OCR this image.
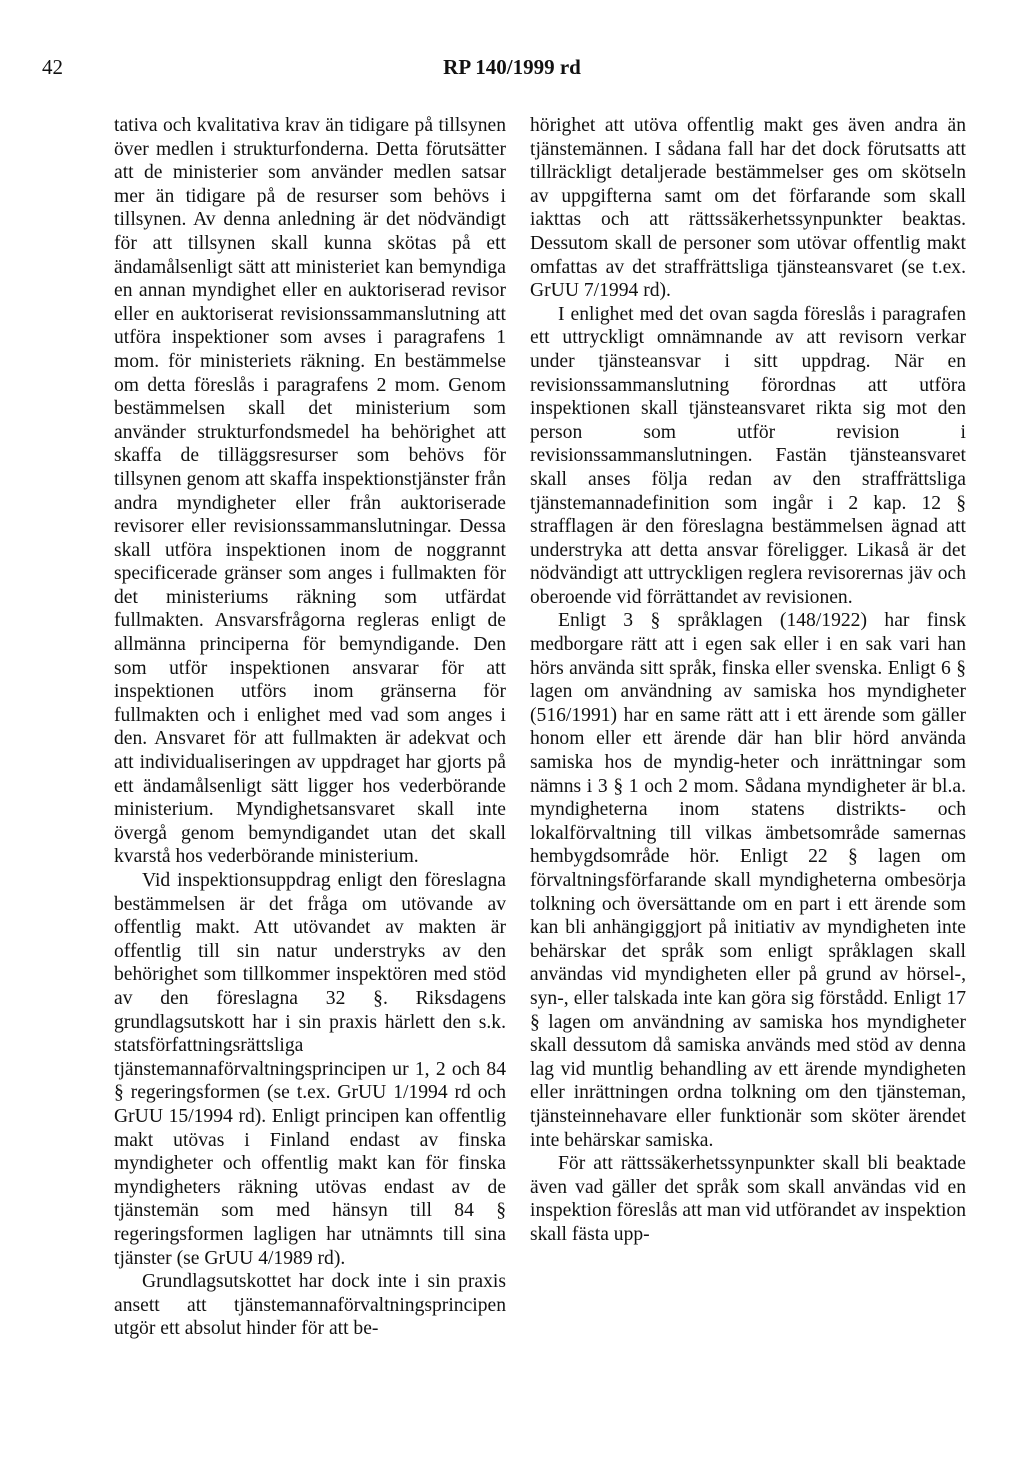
42	RP 140/1999 rd

tativa och kvalitativa krav än tidigare på tillsynen över medlen i strukturfonderna. Detta förutsätter att de ministerier som använder medlen satsar mer än tidigare på de resurser som behövs i tillsynen. Av denna anledning är det nödvändigt för att tillsynen skall kunna skötas på ett ändamålsenligt sätt att ministeriet kan bemyndiga en annan myndighet eller en auktoriserad revisor eller en auktoriserat revisionssammanslutning att utföra inspektioner som avses i paragrafens 1 mom. för ministeriets räkning. En bestämmelse om detta föreslås i paragrafens 2 mom. Genom bestämmelsen skall det ministerium som använder strukturfondsmedel ha behörighet att skaffa de tilläggsresurser som behövs för tillsynen genom att skaffa inspektionstjänster från andra myndigheter eller från auktoriserade revisorer eller revisionssammanslutningar. Dessa skall utföra inspektionen inom de noggrannt specificerade gränser som anges i fullmakten för det ministeriums räkning som utfärdat fullmakten. Ansvarsfrågorna regleras enligt de allmänna principerna för bemyndigande. Den som utför inspektionen ansvarar för att inspektionen utförs inom gränserna för fullmakten och i enlighet med vad som anges i den. Ansvaret för att fullmakten är adekvat och att individualiseringen av uppdraget har gjorts på ett ändamålsenligt sätt ligger hos vederbörande ministerium. Myndighetsansvaret skall inte övergå genom bemyndigandet utan det skall kvarstå hos vederbörande ministerium.

Vid inspektionsuppdrag enligt den föreslagna bestämmelsen är det fråga om utövande av offentlig makt. Att utövandet av makten är offentlig till sin natur understryks av den behörighet som tillkommer inspektören med stöd av den föreslagna 32 §. Riksdagens grundlagsutskott har i sin praxis härlett den s.k. statsförfattningsrättsliga tjänstemannaförvaltningsprincipen ur 1, 2 och 84 § regeringsformen (se t.ex. GrUU 1/1994 rd och GrUU 15/1994 rd). Enligt principen kan offentlig makt utövas i Finland endast av finska myndigheter och offentlig makt kan för finska myndigheters räkning utövas endast av de tjänstemän som med hänsyn till 84 § regeringsformen lagligen har utnämnts till sina tjänster (se GrUU 4/1989 rd).

Grundlagsutskottet har dock inte i sin praxis ansett att tjänstemannaförvaltningsprincipen utgör ett absolut hinder för att be-

hörighet att utöva offentlig makt ges även andra än tjänstemännen. I sådana fall har det dock förutsatts att tillräckligt detaljerade bestämmelser ges om skötseln av uppgifterna samt om det förfarande som skall iakttas och att rättssäkerhetssynpunkter beaktas. Dessutom skall de personer som utövar offentlig makt omfattas av det straffrättsliga tjänsteansvaret (se t.ex. GrUU 7/1994 rd).

I enlighet med det ovan sagda föreslås i paragrafen ett uttryckligt omnämnande av att revisorn verkar under tjänsteansvar i sitt uppdrag. När en revisionssammanslutning förordnas att utföra inspektionen skall tjänsteansvaret rikta sig mot den person som utför revision i revisionssammanslutningen. Fastän tjänsteansvaret skall anses följa redan av den straffrättsliga tjänstemannadefinition som ingår i 2 kap. 12 § strafflagen är den föreslagna bestämmelsen ägnad att understryka att detta ansvar föreligger. Likaså är det nödvändigt att uttryckligen reglera revisorernas jäv och oberoende vid förrättandet av revisionen.

Enligt 3 § språklagen (148/1922) har finsk medborgare rätt att i egen sak eller i en sak vari han hörs använda sitt språk, finska eller svenska. Enligt 6 § lagen om användning av samiska hos myndigheter (516/1991) har en same rätt att i ett ärende som gäller honom eller ett ärende där han blir hörd använda samiska hos de myndig-heter och inrättningar som nämns i 3 § 1 och 2 mom. Sådana myndigheter är bl.a. myndigheterna inom statens distrikts- och lokalförvaltning till vilkas ämbetsområde samernas hembygdsområde hör. Enligt 22 § lagen om förvaltningsförfarande skall myndigheterna ombesörja tolkning och översättande om en part i ett ärende som kan bli anhängiggjort på initiativ av myndigheten inte behärskar det språk som enligt språklagen skall användas vid myndigheten eller på grund av hörsel-, syn-, eller talskada inte kan göra sig förstådd. Enligt 17 § lagen om användning av samiska hos myndigheter skall dessutom då samiska används med stöd av denna lag vid muntlig behandling av ett ärende myndigheten eller inrättningen ordna tolkning om den tjänsteman, tjänsteinnehavare eller funktionär som sköter ärendet inte behärskar samiska.

För att rättssäkerhetssynpunkter skall bli beaktade även vad gäller det språk som skall användas vid en inspektion föreslås att man vid utförandet av inspektion skall fästa upp-
